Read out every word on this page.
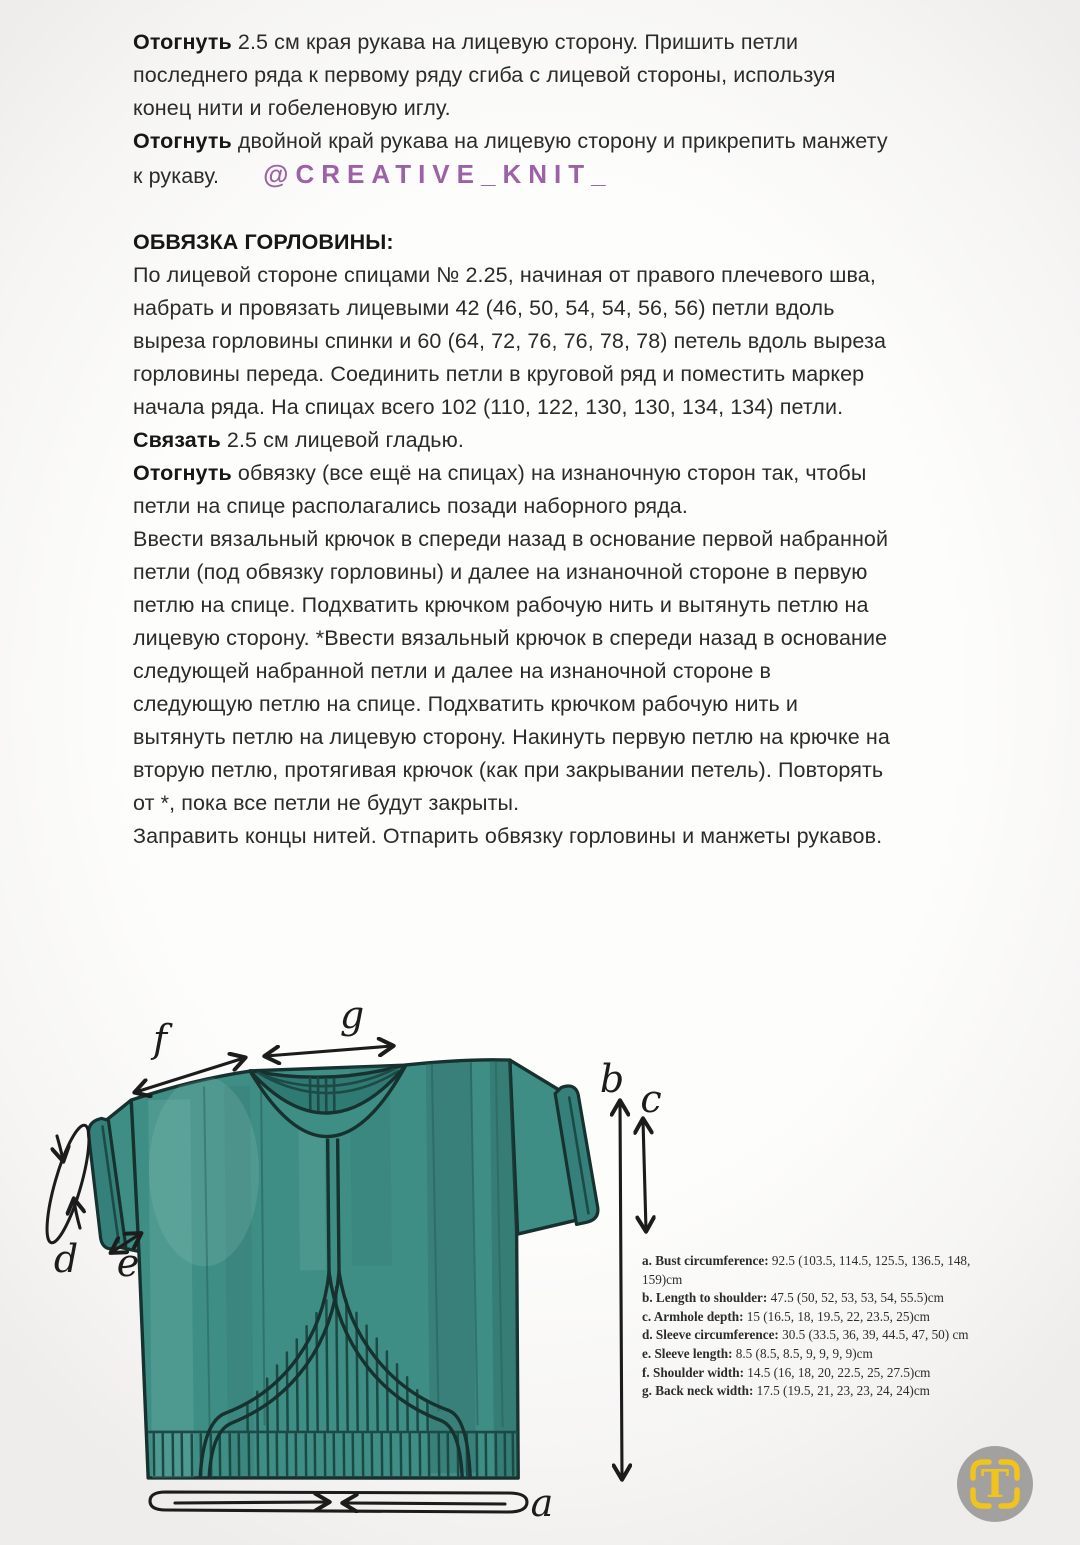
Отогнуть 2.5 см края рукава на лицевую сторону. Пришить петли последнего ряда к первому ряду сгиба с лицевой стороны, используя конец нити и гобеленовую иглу.

Отогнуть двойной край рукава на лицевую сторону и прикрепить манжету к рукаву. @CREATIVE_KNIT_

ОБВЯЗКА ГОРЛОВИНЫ:

По лицевой стороне спицами № 2.25, начиная от правого плечевого шва, набрать и провязать лицевыми 42 (46, 50, 54, 54, 56, 56) петли вдоль выреза горловины спинки и 60 (64, 72, 76, 76, 78, 78) петель вдоль выреза горловины переда. Соединить петли в круговой ряд и поместить маркер начала ряда. На спицах всего 102 (110, 122, 130, 130, 134, 134) петли.

Связать 2.5 см лицевой гладью.

Отогнуть обвязку (все ещё на спицах) на изнаночную сторон так, чтобы петли на спице располагались позади наборного ряда.

Ввести вязальный крючок в спереди назад в основание первой набранной петли (под обвязку горловины) и далее на изнаночной стороне в первую петлю на спице. Подхватить крючком рабочую нить и вытянуть петлю на лицевую сторону. *Ввести вязальный крючок в спереди назад в основание следующей набранной петли и далее на изнаночной стороне в следующую петлю на спице. Подхватить крючком рабочую нить и вытянуть петлю на лицевую сторону. Накинуть первую петлю на крючке на вторую петлю, протягивая крючок (как при закрывании петель). Повторять от *, пока все петли не будут закрыты.

Заправить концы нитей. Отпарить обвязку горловины и манжеты рукавов.

f
g
b c
d e
a
a. Bust circumference: 92.5 (103.5, 114.5, 125.5, 136.5, 148, 159)cm
b. Length to shoulder: 47.5 (50, 52, 53, 53, 54, 55.5)cm
c. Armhole depth: 15 (16.5, 18, 19.5, 22, 23.5, 25)cm
d. Sleeve circumference: 30.5 (33.5, 36, 39, 44.5, 47, 50) cm
e. Sleeve length: 8.5 (8.5, 8.5, 9, 9, 9, 9)cm
f. Shoulder width: 14.5 (16, 18, 20, 22.5, 25, 27.5)cm
g. Back neck width: 17.5 (19.5, 21, 23, 23, 24, 24)cm
T
